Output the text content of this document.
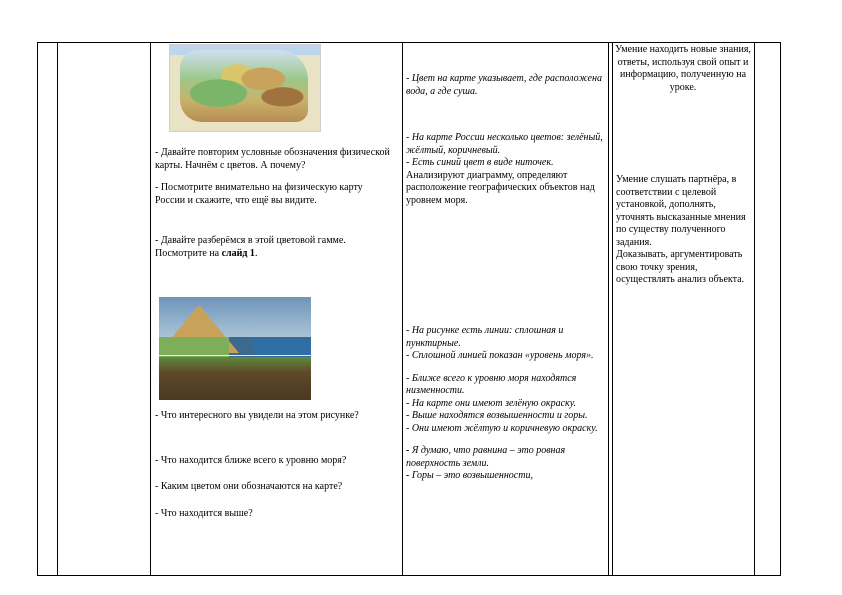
- Давайте повторим условные обозначения физической карты. Начнём с цветов. А почему?

- Посмотрите внимательно на физическую карту России и скажите, что ещё вы видите.

- Давайте разберёмся в этой цветовой гамме. Посмотрите на слайд 1.

- Что интересного вы увидели на этом рисунке?

- Что находится ближе всего к уровню моря?

- Каким цветом они обозначаются на карте?

- Что находится выше?

- Цвет на карте указывает, где расположена вода, а где суша.

- На карте России несколько цветов: зелёный, жёлтый, коричневый.

- Есть синий цвет в виде ниточек.

Анализируют диаграмму, определяют расположение географических объектов над уровнем моря.

- На рисунке есть линии: сплошная и пунктирные.

- Сплошной линией показан «уровень моря».

- Ближе всего к уровню моря находятся низменности.

- На карте они имеют зелёную окраску.

- Выше находятся возвышенности и горы.

- Они имеют жёлтую и коричневую окраску.

- Я думаю, что равнина – это ровная поверхность земли.

- Горы – это возвышенности,

Умение находить новые знания, ответы, используя свой опыт и информацию, полученную на уроке.

Умение слушать партнёра, в соответствии с целевой установкой, дополнять, уточнять высказанные мнения по существу полученного задания.

Доказывать, аргументировать свою точку зрения, осуществлять анализ объекта.
